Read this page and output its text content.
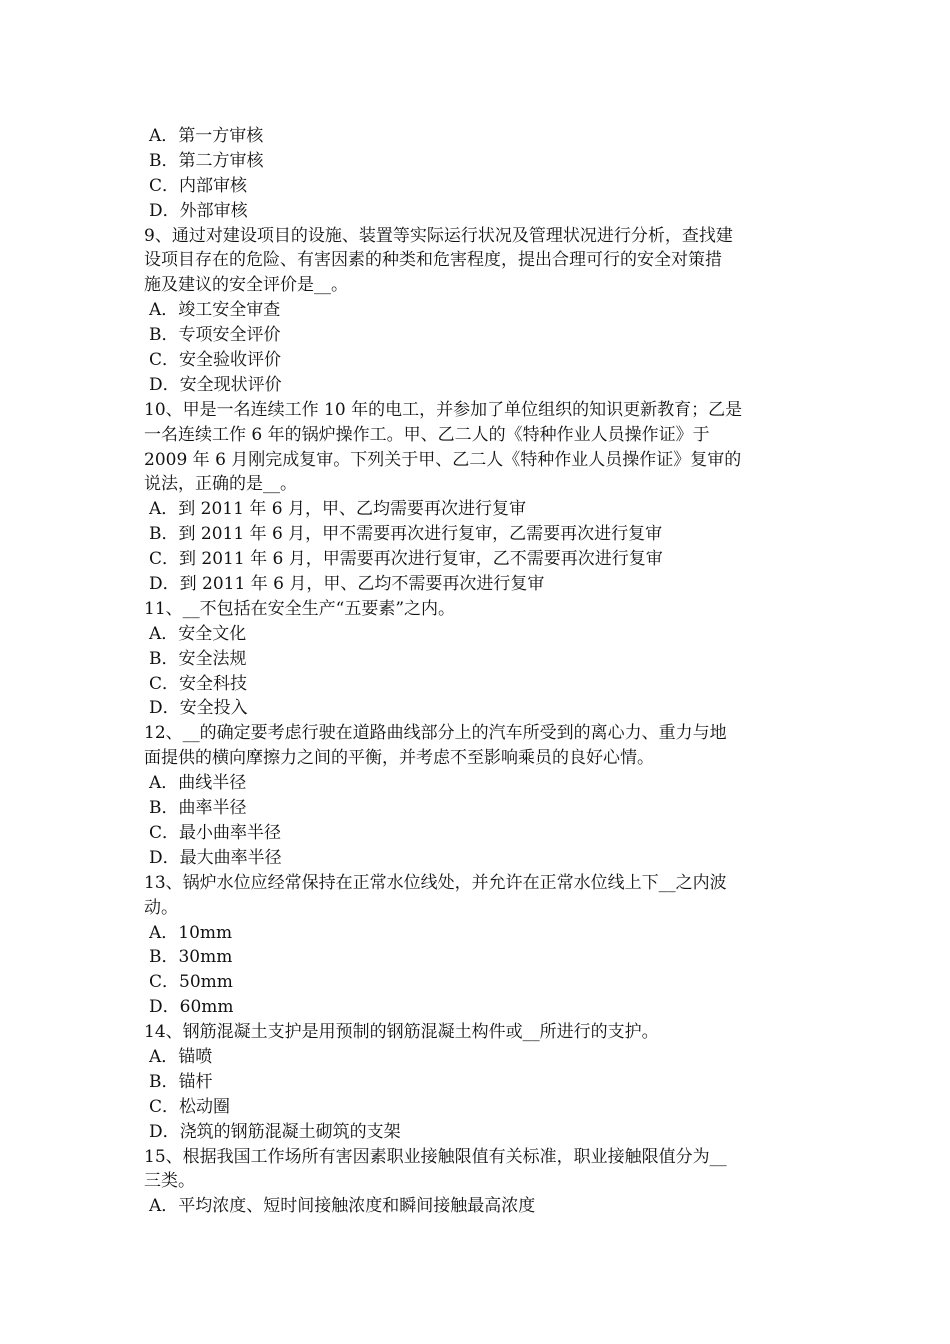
A．第一方审核
B．第二方审核
C．内部审核
D．外部审核
9、通过对建设项目的设施、装置等实际运行状况及管理状况进行分析，查找建
设项目存在的危险、有害因素的种类和危害程度，提出合理可行的安全对策措
施及建议的安全评价是__。
A．竣工安全审查
B．专项安全评价
C．安全验收评价
D．安全现状评价
10、甲是一名连续工作 10 年的电工，并参加了单位组织的知识更新教育；乙是
一名连续工作 6 年的锅炉操作工。甲、乙二人的《特种作业人员操作证》于
2009 年 6 月刚完成复审。下列关于甲、乙二人《特种作业人员操作证》复审的
说法，正确的是__。
A．到 2011 年 6 月，甲、乙均需要再次进行复审
B．到 2011 年 6 月，甲不需要再次进行复审，乙需要再次进行复审
C．到 2011 年 6 月，甲需要再次进行复审，乙不需要再次进行复审
D．到 2011 年 6 月，甲、乙均不需要再次进行复审
11、__不包括在安全生产“五要素”之内。
A．安全文化
B．安全法规
C．安全科技
D．安全投入
12、__的确定要考虑行驶在道路曲线部分上的汽车所受到的离心力、重力与地
面提供的横向摩擦力之间的平衡，并考虑不至影响乘员的良好心情。
A．曲线半径
B．曲率半径
C．最小曲率半径
D．最大曲率半径
13、锅炉水位应经常保持在正常水位线处，并允许在正常水位线上下__之内波
动。
A．10mm
B．30mm
C．50mm
D．60mm
14、钢筋混凝土支护是用预制的钢筋混凝土构件或__所进行的支护。
A．锚喷
B．锚杆
C．松动圈
D．浇筑的钢筋混凝土砌筑的支架
15、根据我国工作场所有害因素职业接触限值有关标准，职业接触限值分为__
三类。
A．平均浓度、短时间接触浓度和瞬间接触最高浓度
